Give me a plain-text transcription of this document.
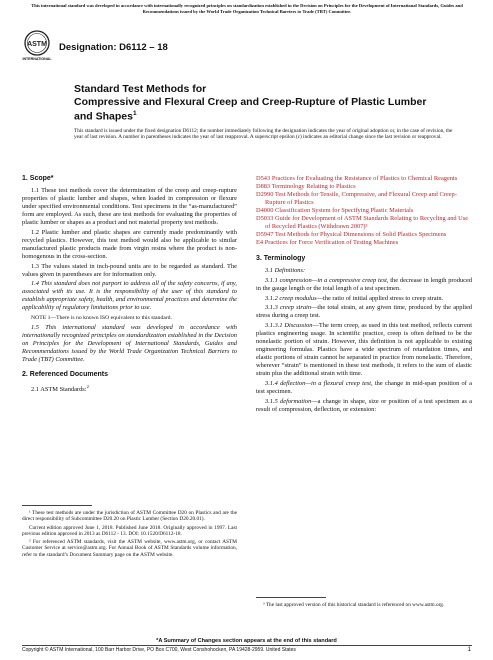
This international standard was developed in accordance with internationally recognized principles on standardization established in the Decision on Principles for the Development of International Standards, Guides and Recommendations issued by the World Trade Organization Technical Barriers to Trade (TBT) Committee.
ASTM
INTERNATIONAL
Designation: D6112 – 18
Standard Test Methods for
Compressive and Flexural Creep and Creep-Rupture of Plastic Lumber and Shapes$^1$
This standard is issued under the fixed designation D6112; the number immediately following the designation indicates the year of original adoption or, in the case of revision, the year of last revision. A number in parentheses indicates the year of last reapproval. A superscript epsilon (ε) indicates an editorial change since the last revision or reapproval.
1. Scope*

1.1 These test methods cover the determination of the creep and creep-rupture properties of plastic lumber and shapes, when loaded in compression or flexure under specified environmental conditions. Test specimens in the “as-manufactured” form are employed. As such, these are test methods for evaluating the properties of plastic lumber or shapes as a product and not material property test methods.

1.2 Plastic lumber and plastic shapes are currently made predominantly with recycled plastics. However, this test method would also be applicable to similar manufactured plastic products made from virgin resins where the product is non-homogenous in the cross-section.

1.3 The values stated in inch-pound units are to be regarded as standard. The values given in parentheses are for information only.

1.4 This standard does not purport to address all of the safety concerns, if any, associated with its use. It is the responsibility of the user of this standard to establish appropriate safety, health, and environmental practices and determine the applicability of regulatory limitations prior to use.

NOTE 1—There is no known ISO equivalent to this standard.

1.5 This international standard was developed in accordance with internationally recognized principles on standardization established in the Decision on Principles for the Development of International Standards, Guides and Recommendations issued by the World Trade Organization Technical Barriers to Trade (TBT) Committee.

2. Referenced Documents

2.1 ASTM Standards:$^2$

¹ These test methods are under the jurisdiction of ASTM Committee D20 on Plastics and are the direct responsibility of Subcommittee D20.20 on Plastic Lumber (Section D20.20.01).

Current edition approved June 1, 2018. Published June 2018. Originally approved in 1997. Last previous edition approved in 2013 as D6112 - 13. DOI: 10.1520/D6112-18.

² For referenced ASTM standards, visit the ASTM website, www.astm.org, or contact ASTM Customer Service at service@astm.org. For Annual Book of ASTM Standards volume information, refer to the standard’s Document Summary page on the ASTM website.

D543 Practices for Evaluating the Resistance of Plastics to Chemical Reagents
D883 Terminology Relating to Plastics
D2990 Test Methods for Tensile, Compressive, and Flexural Creep and Creep-Rupture of Plastics
D4000 Classification System for Specifying Plastic Materials
D5033 Guide for Development of ASTM Standards Relating to Recycling and Use of Recycled Plastics (Withdrawn 2007)³
D5947 Test Methods for Physical Dimensions of Solid Plastics Specimens
E4 Practices for Force Verification of Testing Machines
3. Terminology

3.1 Definitions:

3.1.1 compression—in a compressive creep test, the decrease in length produced in the gauge length or the total length of a test specimen.

3.1.2 creep modulus—the ratio of initial applied stress to creep strain.

3.1.3 creep strain—the total strain, at any given time, produced by the applied stress during a creep test.

3.1.3.1 Discussion—The term creep, as used in this test method, reflects current plastics engineering usage. In scientific practice, creep is often defined to be the nonelastic portion of strain. However, this definition is not applicable to existing engineering formulas. Plastics have a wide spectrum of retardation times, and elastic portions of strain cannot be separated in practice from nonelastic. Therefore, wherever “strain” is mentioned in these test methods, it refers to the sum of elastic strain plus the additional strain with time.

3.1.4 deflection—in a flexural creep test, the change in mid-span position of a test specimen.

3.1.5 deformation—a change in shape, size or position of a test specimen as a result of compression, deflection, or extension:

³ The last approved version of this historical standard is referenced on www.astm.org.

*A Summary of Changes section appears at the end of this standard
Copyright © ASTM International, 100 Barr Harbor Drive, PO Box C700, West Conshohocken, PA 19428-2959. United States	1
